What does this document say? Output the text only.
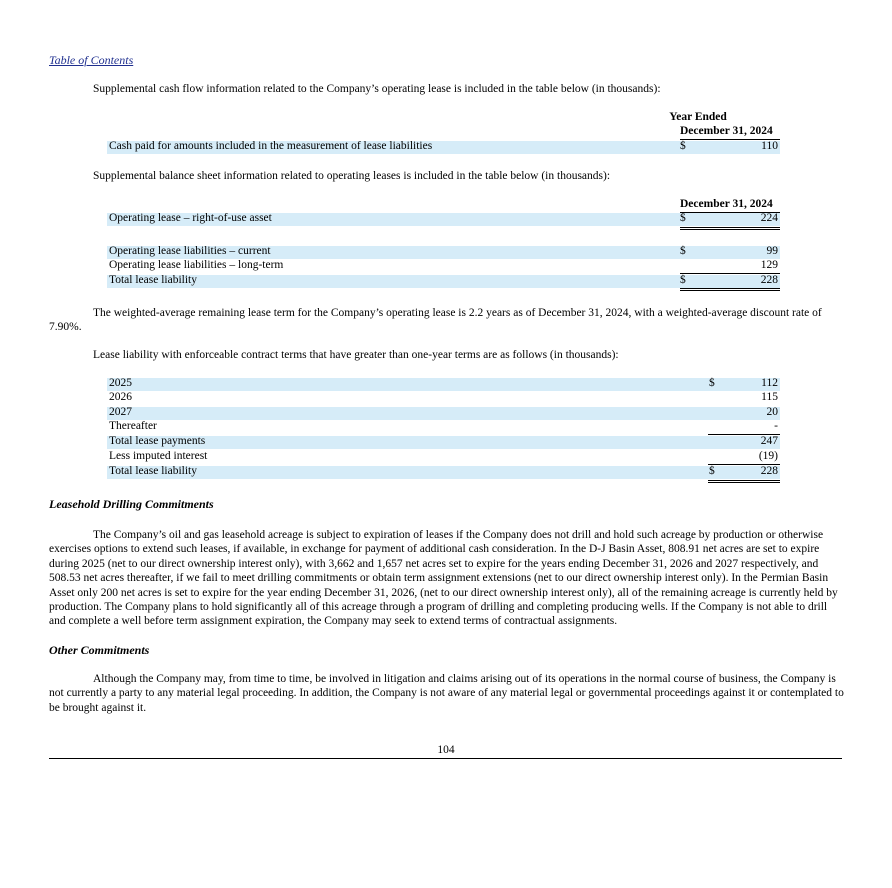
Table of Contents
Supplemental cash flow information related to the Company’s operating lease is included in the table below (in thousands):
Year Ended
December 31, 2024
Cash paid for amounts included in the measurement of lease liabilities	$	110
Supplemental balance sheet information related to operating leases is included in the table below (in thousands):
December 31, 2024
Operating lease – right-of-use asset	$	224
Operating lease liabilities – current	$	99
Operating lease liabilities – long-term	129
Total lease liability	$	228
The weighted-average remaining lease term for the Company’s operating lease is 2.2 years as of December 31, 2024, with a weighted-average discount rate of 7.90%.
Lease liability with enforceable contract terms that have greater than one-year terms are as follows (in thousands):
2025	$	112
2026	115
2027	20
Thereafter	-
Total lease payments	247
Less imputed interest	(19)
Total lease liability	$	228
Leasehold Drilling Commitments
The Company’s oil and gas leasehold acreage is subject to expiration of leases if the Company does not drill and hold such acreage by production or otherwise exercises options to extend such leases, if available, in exchange for payment of additional cash consideration. In the D-J Basin Asset, 808.91 net acres are set to expire during 2025 (net to our direct ownership interest only), with 3,662 and 1,657 net acres set to expire for the years ending December 31, 2026 and 2027 respectively, and 508.53 net acres thereafter, if we fail to meet drilling commitments or obtain term assignment extensions (net to our direct ownership interest only). In the Permian Basin Asset only 200 net acres is set to expire for the year ending December 31, 2026, (net to our direct ownership interest only), all of the remaining acreage is currently held by production. The Company plans to hold significantly all of this acreage through a program of drilling and completing producing wells. If the Company is not able to drill and complete a well before term assignment expiration, the Company may seek to extend terms of contractual assignments.
Other Commitments
Although the Company may, from time to time, be involved in litigation and claims arising out of its operations in the normal course of business, the Company is not currently a party to any material legal proceeding. In addition, the Company is not aware of any material legal or governmental proceedings against it or contemplated to be brought against it.
104
